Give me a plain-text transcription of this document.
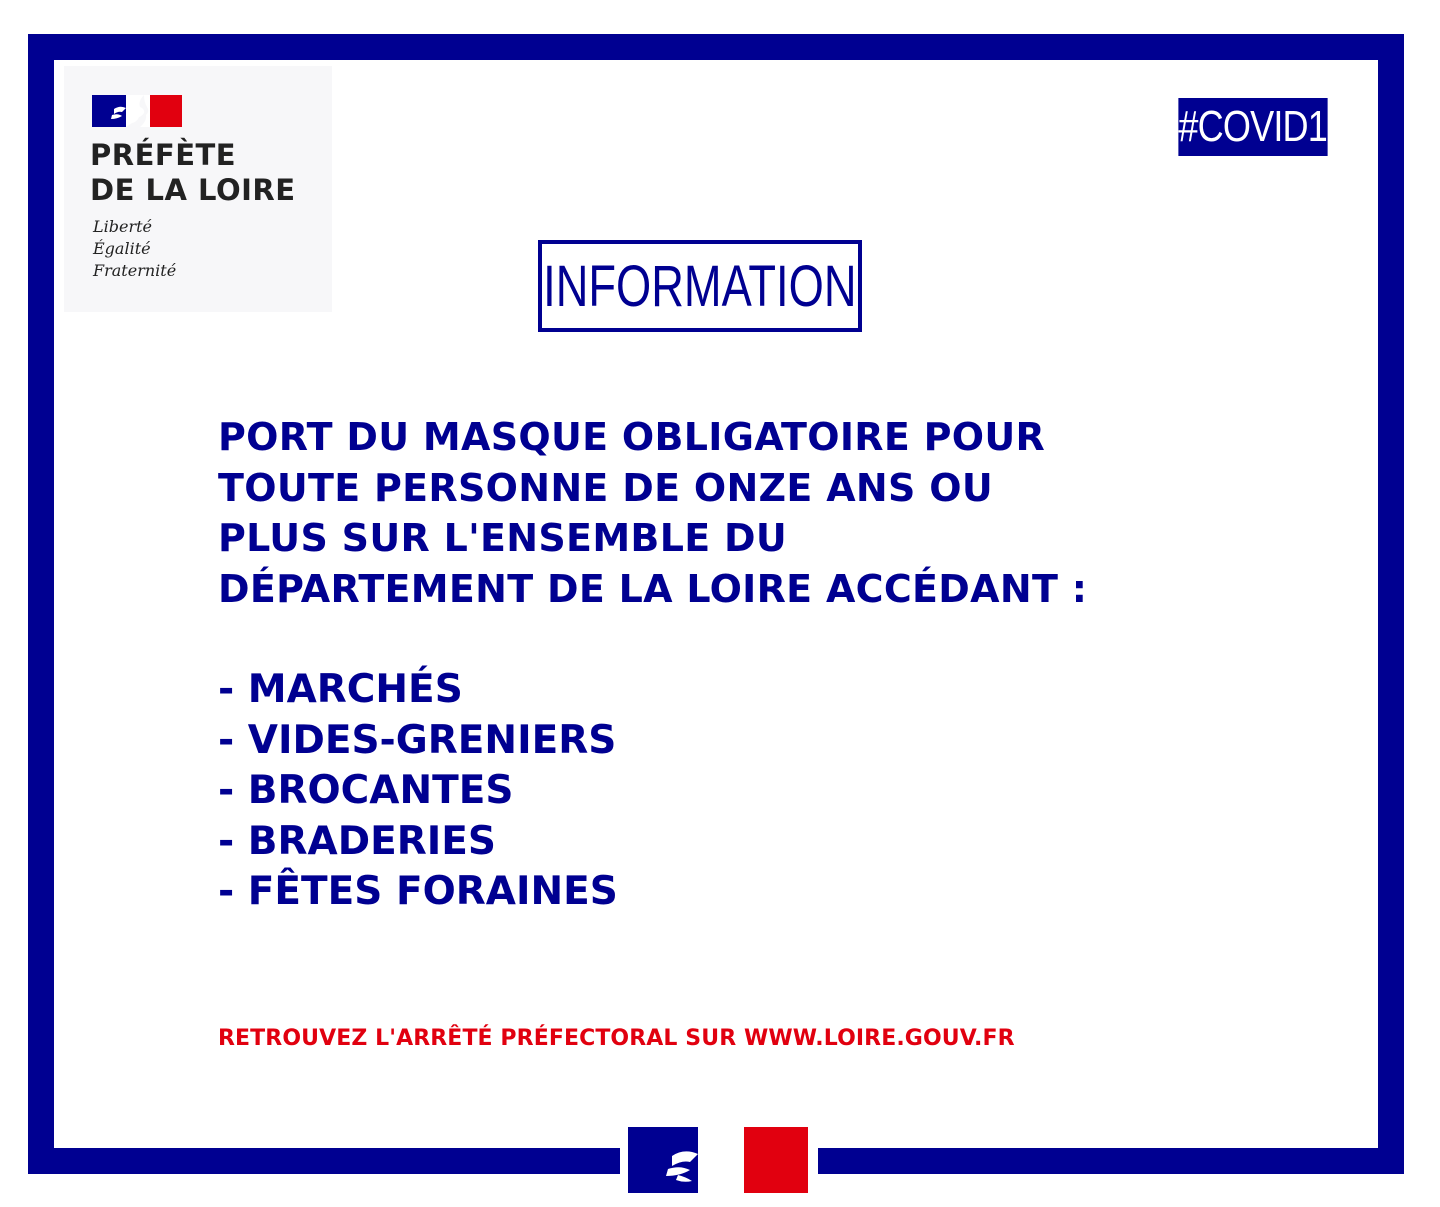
PRÉFÈTE
DE LA LOIRE
Liberté
Égalité
Fraternité
#COVID19
INFORMATION
PORT DU MASQUE OBLIGATOIRE POUR
TOUTE PERSONNE DE ONZE ANS OU
PLUS SUR L'ENSEMBLE DU
DÉPARTEMENT DE LA LOIRE ACCÉDANT :
- MARCHÉS
- VIDES-GRENIERS
- BROCANTES
- BRADERIES
- FÊTES FORAINES
RETROUVEZ L'ARRÊTÉ PRÉFECTORAL SUR WWW.LOIRE.GOUV.FR
